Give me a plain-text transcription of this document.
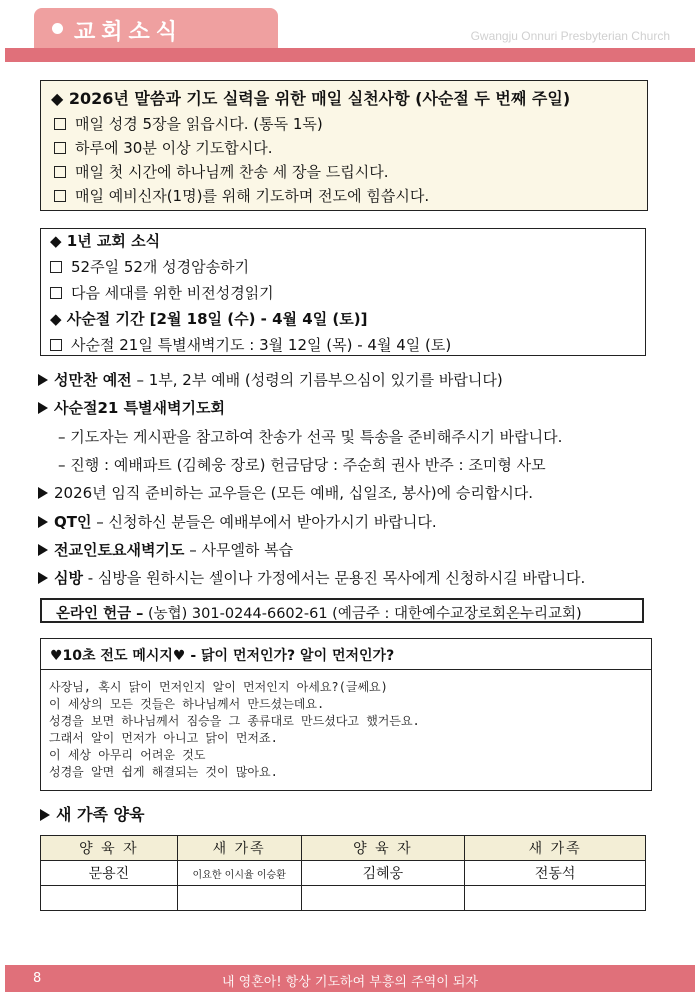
교회소식	Gwangju Onnuri Presbyterian Church
◆ 2026년 말씀과 기도 실력을 위한 매일 실천사항 (사순절 두 번째 주일)
매일 성경 5장을 읽읍시다. (통독 1독)
하루에 30분 이상 기도합시다.
매일 첫 시간에 하나님께 찬송 세 장을 드립시다.
매일 예비신자(1명)를 위해 기도하며 전도에 힘씁시다.
◆ 1년 교회 소식
52주일 52개 성경암송하기
다음 세대를 위한 비전성경읽기
◆ 사순절 기간 [2월 18일 (수) - 4월 4일 (토)]
사순절 21일 특별새벽기도 : 3월 12일 (목) - 4월 4일 (토)
성만찬 예전 – 1부, 2부 예배 (성령의 기름부으심이 있기를 바랍니다)
사순절21 특별새벽기도회
– 기도자는 게시판을 참고하여 찬송가 선곡 및 특송을 준비해주시기 바랍니다.
– 진행 : 예배파트 (김혜웅 장로) 헌금담당 : 주순희 권사 반주 : 조미형 사모
2026년 임직 준비하는 교우들은 (모든 예배, 십일조, 봉사)에 승리합시다.
QT인 – 신청하신 분들은 예배부에서 받아가시기 바랍니다.
전교인토요새벽기도 – 사무엘하 복습
심방 - 심방을 원하시는 셀이나 가정에서는 문용진 목사에게 신청하시길 바랍니다.
온라인 헌금 – (농협) 301-0244-6602-61 (예금주 : 대한예수교장로회온누리교회)
♥10초 전도 메시지♥ - 닭이 먼저인가? 알이 먼저인가?
사장님, 혹시 닭이 먼저인지 알이 먼저인지 아세요?(글쎄요)
이 세상의 모든 것들은 하나님께서 만드셨는데요.
성경을 보면 하나님께서 짐승을 그 종류대로 만드셨다고 했거든요.
그래서 알이 먼저가 아니고 닭이 먼저죠.
이 세상 아무리 어려운 것도
성경을 알면 쉽게 해결되는 것이 많아요.
새 가족 양육
양 육 자	새 가족	양 육 자	새 가족
문용진	이요한 이시율 이승환	김혜웅	전동석

내 영혼아! 항상 기도하여 부흥의 주역이 되자
8
